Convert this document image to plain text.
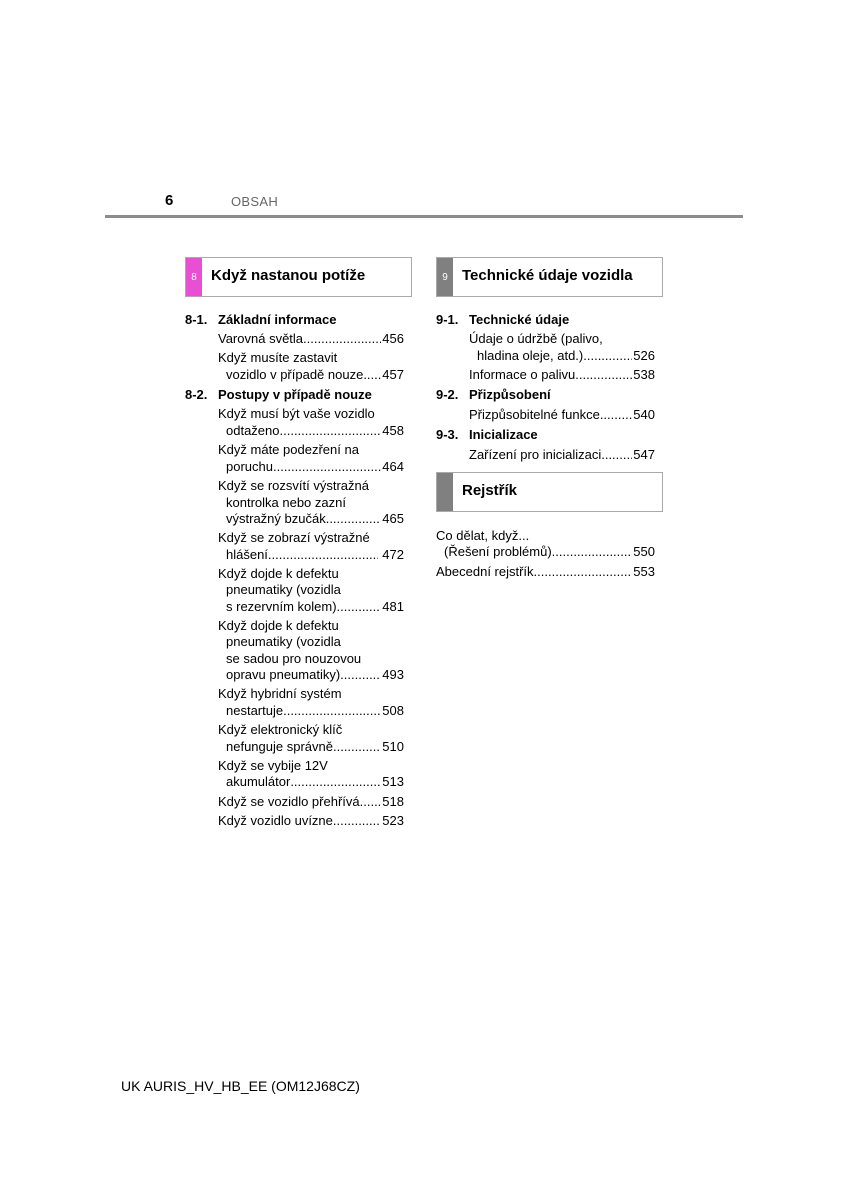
6	OBSAH
8 Když nastanou potíže
8-1. Základní informace
Varovná světla .....	456
Když musíte zastavit
vozidlo v případě nouze ..... 457
8-2. Postupy v případě nouze
Když musí být vaše vozidlo
odtaženo .....	458
Když máte podezření na
poruchu .....	464
Když se rozsvítí výstražná
kontrolka nebo zazní
výstražný bzučák .....	465
Když se zobrazí výstražné
hlášení .....	472
Když dojde k defektu
pneumatiky (vozidla
s rezervním kolem) .....	481
Když dojde k defektu
pneumatiky (vozidla
se sadou pro nouzovou
opravu pneumatiky) .....	493
Když hybridní systém
nestartuje .....	508
Když elektronický klíč
nefunguje správně .....	510
Když se vybije 12V
akumulátor .....	513
Když se vozidlo přehřívá ..... 518
Když vozidlo uvízne .....	523
9 Technické údaje vozidla
9-1. Technické údaje
Údaje o údržbě (palivo,
hladina oleje, atd.) .....	526
Informace o palivu .....	538
9-2. Přizpůsobení
Přizpůsobitelné funkce .....	540
9-3. Inicializace
Zařízení pro inicializaci ..... 547
Rejstřík
Co dělat, když...
(Řešení problémů) .....	550
Abecední rejstřík .....	553
UK AURIS_HV_HB_EE (OM12J68CZ)
